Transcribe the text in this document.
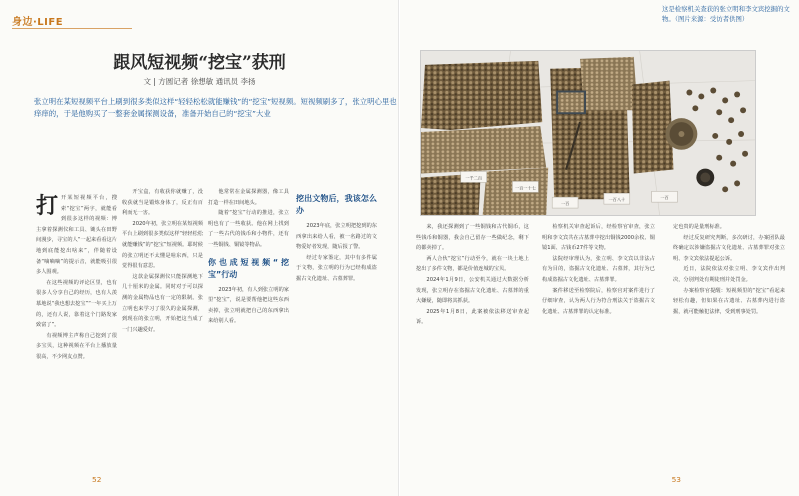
身边·LIFE
跟风短视频“挖宝”获刑
文 | 方圆记者 徐想敏 通讯员 李扬
张立明在某短视频平台上刷到很多类似这样“轻轻松松就能赚钱”的“挖宝”短视频。短视频刷多了，张立明心里也痒痒的，于是他购买了一整套金属探测设备，准备开始自己的“挖宝”大业
打 开某短视频平台，搜索“挖宝”两字，就能看到很多这样的视频：博主拿着探测仪和工具、锄头在田野间漫步，寻宝的人“一起来看看这片地到底能挖出啥来”，伴随着设备“嘀嘀嘀”的提示音，就能吸引很多人围观。

在这些视频的评论区里，也有很多人分享自己的经历，也有人羡慕地说“我也想去挖宝”“一年买上万的，还有人说，靠着这个门路发家致富了”。

有视频博主声称自己挖到了很多宝贝，这种视频在平台上播放量很高，不少网友点赞。

开宝盒，有收获你就赚了，没收获就当是锻炼身体了，反正有百利而无一害。

2020年初，张立明在某短视频平台上刷到很多类似这样“轻轻松松就能赚钱”的“挖宝”短视频。耶时候的张立明还不太懂是啥东西，只是觉得很有意思。

这款金属探测仪只能探测地下几十厘米的金属。同时对于可以探测的金属物品也有一定的限制。张立明也来学习了很久的金属探测，到现在的张立明，开始把这当成了一门兴趣爱好。

他常常在金属探测器，像工具打造一样在田间地头。

随着“挖宝”行动的推进，张立明也有了一些收获。他在网上找到了一些古代的钱币和小物件，还有一些铜钱、铜镜等物品。

你也成短视频“挖宝”行动

2023年初，有人到张立明的家里“挖宝”，说是要帮他把这些东西卖掉，张立明就把自己的东西拿出来给别人看。

挖出文物后，我该怎么办

2023年底，张立明把挖到的东西拿出来给人看，被一名路过的文物爱好者发现，随后报了警。

经过专家鉴定，其中有多件属于文物，张立明的行为已经构成盗掘古文化遗址、古墓葬罪。

52
这是检察机关查获的张立明和李文宾挖掘的文物。（图片来源：受访者供图）
一千二百
一百一十七
一百
一百八十	一百

来，我还探测到了一些铜钱和古代铜币，这些钱币和铜器，我会自己留存一些做纪念，剩下的都卖掉了。

两人合伙“挖宝”行动至今，就在一块土地上挖出了多件文物，都是价值连城的宝贝。

2024年1月9日，公安机关通过大数据分析发现，张立明存在盗掘古文化遗址、古墓葬的重大嫌疑，随即将其抓获。

2025年1月8日，此案被依法移送审查起诉。

检察机关审查起诉后，经检察官审查，张立明和李文宾共在古墓葬中挖出铜钱2000余枚、铜镜1面、古钱币27件等文物。

法院经审理认为，张立明、李文宾以非法占有为目的，盗掘古文化遗址、古墓葬，其行为已构成盗掘古文化遗址、古墓葬罪。

案件移送至检察院后，检察官对案件进行了仔细审查，认为两人行为符合刑法关于盗掘古文化遗址、古墓葬罪的认定标准。

定也贵的是量刑标准。

经过反复研究判断，多次研讨，办案团队最终确定以涉嫌盗掘古文化遗址、古墓葬罪对张立明、李文宾依法提起公诉。

近日，法院依法对张立明、李文宾作出判决，分别判处有期徒刑并处罚金。

办案检察官提醒：短视频里的“挖宝”看起来轻松有趣，但如果在古遗址、古墓葬内进行盗掘，就可能触犯法律，受到刑事处罚。

53
